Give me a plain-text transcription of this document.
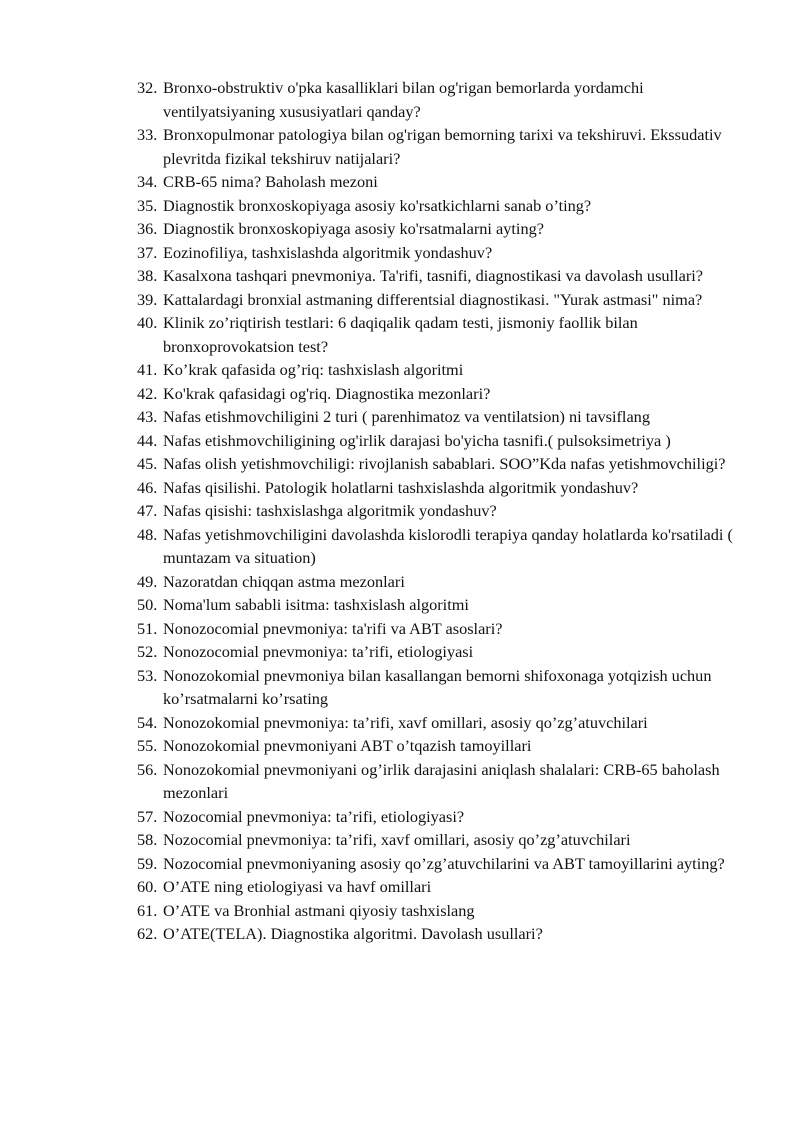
32. Bronxo-obstruktiv o'pka kasalliklari bilan og'rigan bemorlarda yordamchi ventilyatsiyaning xususiyatlari qanday?
33. Bronxopulmonar patologiya bilan og'rigan bemorning tarixi va tekshiruvi. Ekssudativ plevritda fizikal tekshiruv natijalari?
34. CRB-65 nima? Baholash mezoni
35. Diagnostik bronxoskopiyaga asosiy ko'rsatkichlarni sanab o’ting?
36. Diagnostik bronxoskopiyaga asosiy ko'rsatmalarni ayting?
37. Eozinofiliya, tashxislashda algoritmik yondashuv?
38. Kasalxona tashqari pnevmoniya. Ta'rifi, tasnifi, diagnostikasi va davolash usullari?
39. Kattalardagi bronxial astmaning differentsial diagnostikasi. "Yurak astmasi" nima?
40. Klinik zo’riqtirish testlari: 6 daqiqalik qadam testi, jismoniy faollik bilan bronxoprovokatsion test?
41. Ko’krak qafasida og’riq: tashxislash algoritmi
42. Ko'krak qafasidagi og'riq. Diagnostika mezonlari?
43. Nafas etishmovchiligini 2 turi ( parenhimatoz va ventilatsion) ni tavsiflang
44. Nafas etishmovchiligining og'irlik darajasi bo'yicha tasnifi.( pulsoksimetriya )
45. Nafas olish yetishmovchiligi: rivojlanish sabablari. SOO”Kda nafas yetishmovchiligi?
46. Nafas qisilishi. Patologik holatlarni tashxislashda algoritmik yondashuv?
47. Nafas qisishi: tashxislashga algoritmik yondashuv?
48. Nafas yetishmovchiligini davolashda kislorodli terapiya qanday holatlarda ko'rsatiladi ( muntazam va situation)
49. Nazoratdan chiqqan astma mezonlari
50. Noma'lum sababli isitma: tashxislash algoritmi
51. Nonozocomial pnevmoniya: ta'rifi va ABT asoslari?
52. Nonozocomial pnevmoniya: ta’rifi, etiologiyasi
53. Nonozokomial pnevmoniya bilan kasallangan bemorni shifoxonaga yotqizish uchun ko’rsatmalarni ko’rsating
54. Nonozokomial pnevmoniya: ta’rifi, xavf omillari, asosiy qo’zg’atuvchilari
55. Nonozokomial pnevmoniyani ABT o’tqazish tamoyillari
56. Nonozokomial pnevmoniyani og’irlik darajasini aniqlash shalalari: CRB-65 baholash mezonlari
57. Nozocomial pnevmoniya: ta’rifi, etiologiyasi?
58. Nozocomial pnevmoniya: ta’rifi, xavf omillari, asosiy qo’zg’atuvchilari
59. Nozocomial pnevmoniyaning asosiy qo’zg’atuvchilarini va ABT tamoyillarini ayting?
60. O’ATE ning etiologiyasi va havf omillari
61. O’ATE va Bronhial astmani qiyosiy tashxislang
62. O’ATE(TELA). Diagnostika algoritmi. Davolash usullari?
